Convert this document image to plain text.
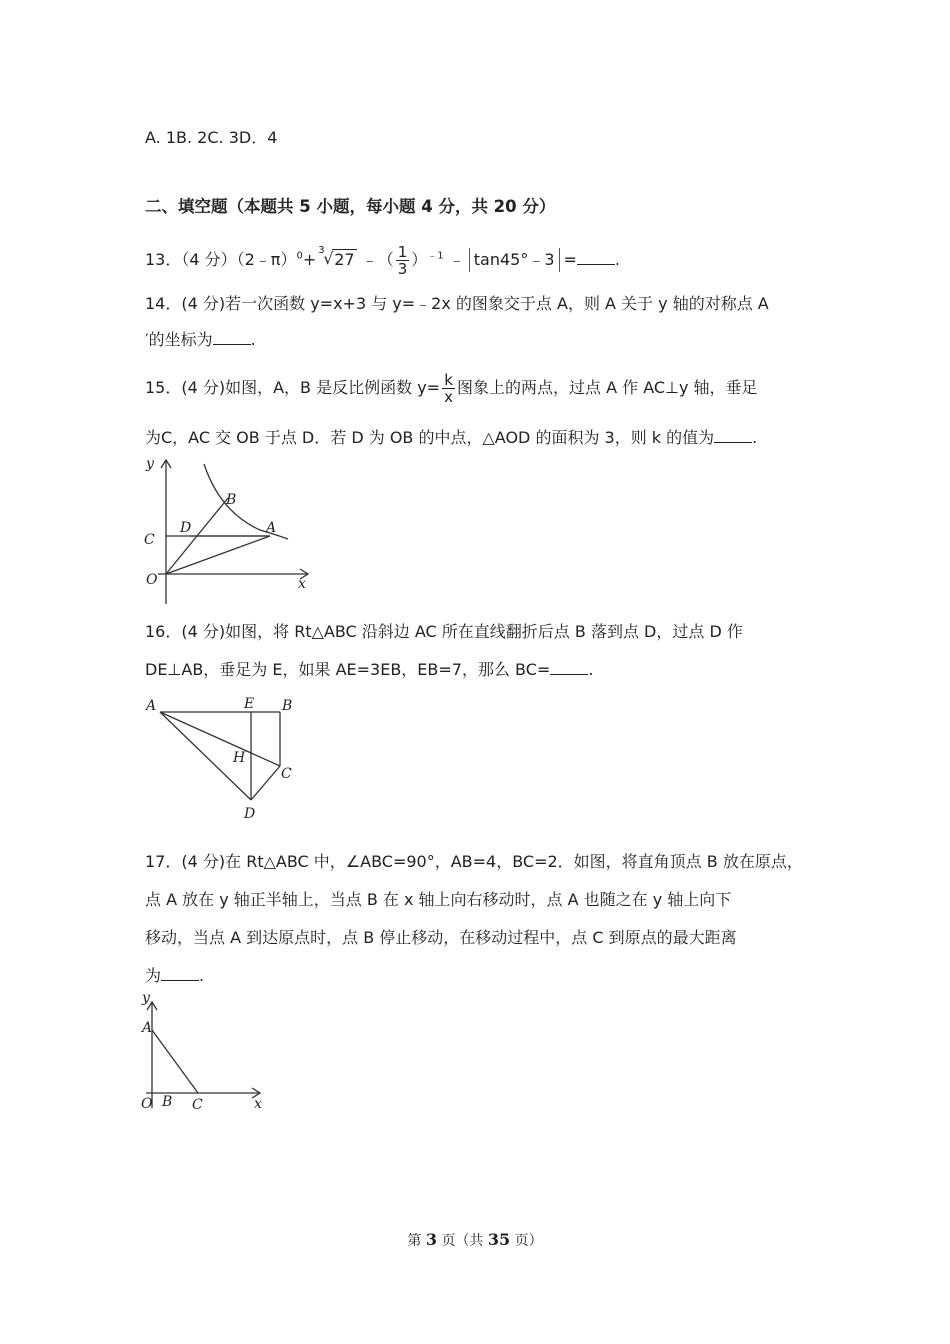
A. 1B. 2C. 3D．4
二、填空题（本题共 5 小题，每小题 4 分，共 20 分）
13．（4 分）（2﹣π）$^0$+ 3
√ 27 ﹣（ $\frac{1}{3} )^{﹣1}$ ﹣ tan45°﹣3 = .
14．(4 分)若一次函数 y=x+3 与 y=﹣2x 的图象交于点 A，则 A 关于 y 轴的对称点 A
′的坐标为 .
15．(4 分)如图，A，B 是反比例函数 $y= \frac{k}{x}$ 图象上的两点，过点 A 作 AC⊥y 轴，垂足
为C，AC 交 OB 于点 D．若 D 为 OB 的中点，△AOD 的面积为 3，则 k 的值为 .
y
x
O
C
D
B
A
16．(4 分)如图，将 Rt△ABC 沿斜边 AC 所在直线翻折后点 B 落到点 D，过点 D 作
DE⊥AB，垂足为 E，如果 AE=3EB，EB=7，那么 BC= .
A	E B
H
C
D
17．(4 分)在 Rt△ABC 中，∠ABC=90°，AB=4，BC=2．如图，将直角顶点 B 放在原点，
点 A 放在 y 轴正半轴上，当点 B 在 x 轴上向右移动时，点 A 也随之在 y 轴上向下
移动，当点 A 到达原点时，点 B 停止移动，在移动过程中，点 C 到原点的最大距离
为 .
y
A
O B C	x
第 3 页（共 35 页）
